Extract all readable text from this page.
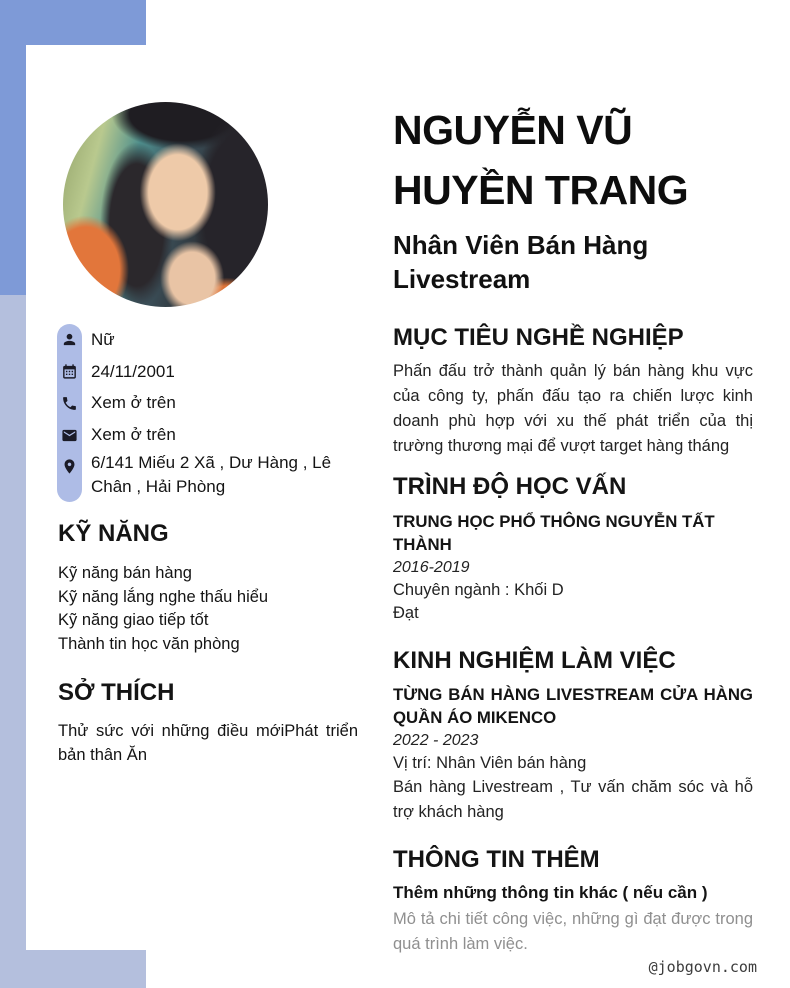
Nữ
24/11/2001
Xem ở trên
Xem ở trên
6/141 Miếu 2 Xã , Dư Hàng , Lê Chân , Hải Phòng
KỸ NĂNG
Kỹ năng bán hàng
Kỹ năng lắng nghe thấu hiểu
Kỹ năng giao tiếp tốt
Thành tin học văn phòng
SỞ THÍCH
Thử sức với những điều mớiPhát triển bản thân Ăn
NGUYỄN VŨ
HUYỀN TRANG
Nhân Viên Bán Hàng Livestream
MỤC TIÊU NGHỀ NGHIỆP
Phấn đấu trở thành quản lý bán hàng khu vực của công ty, phấn đấu tạo ra chiến lược kinh doanh phù hợp với xu thế phát triển của thị trường thương mại để vượt target hàng tháng
TRÌNH ĐỘ HỌC VẤN
TRUNG HỌC PHỔ THÔNG NGUYỄN TẤT THÀNH
2016-2019
Chuyên ngành : Khối D
Đạt
KINH NGHIỆM LÀM VIỆC
TỪNG BÁN HÀNG LIVESTREAM CỬA HÀNG QUẦN ÁO MIKENCO
2022 - 2023
Vị trí: Nhân Viên bán hàng
Bán hàng Livestream , Tư vấn chăm sóc và hỗ trợ khách hàng
THÔNG TIN THÊM
Thêm những thông tin khác ( nếu cần )
Mô tả chi tiết công việc, những gì đạt được trong quá trình làm việc.
@jobgovn.com
